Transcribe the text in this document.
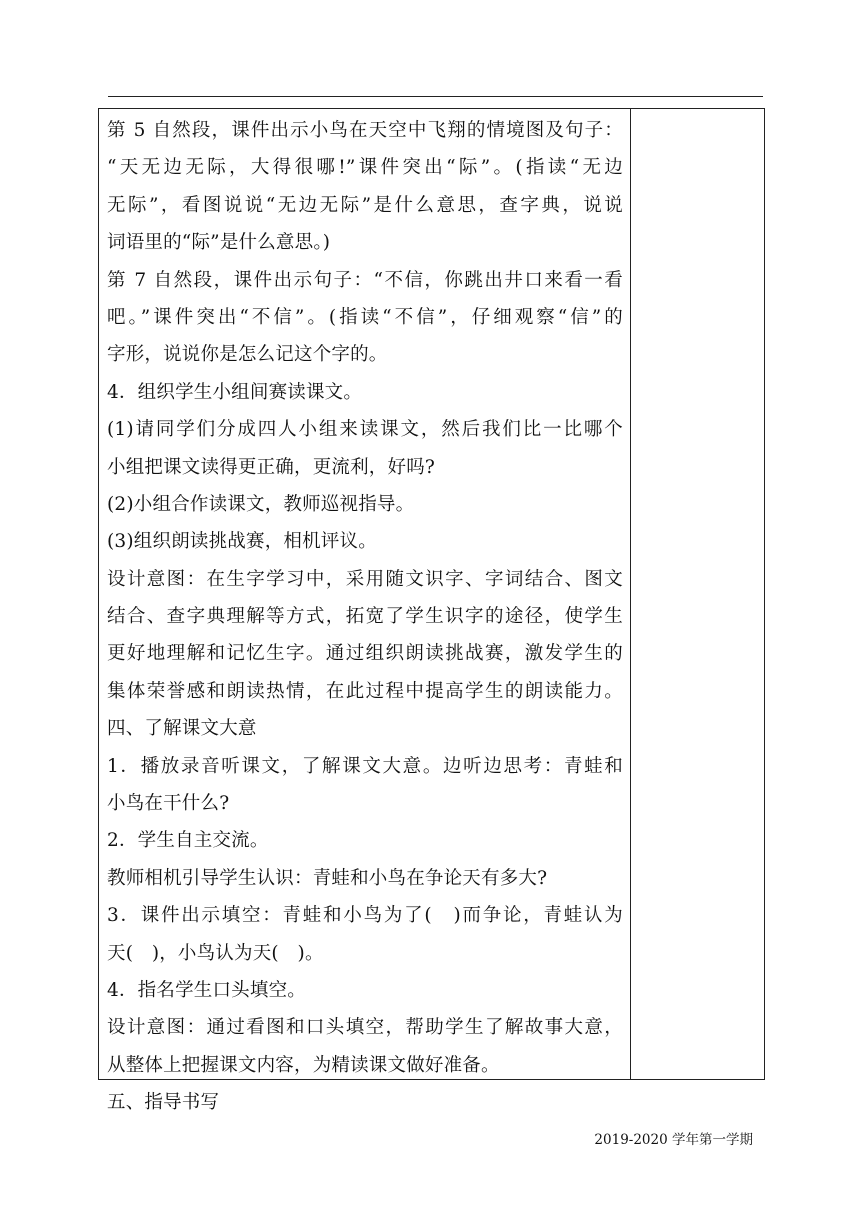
第 5 自然段，课件出示小鸟在天空中飞翔的情境图及句子：
“天无边无际，大得很哪!”课件突出“际”。(指读“无边
无际”，看图说说“无边无际”是什么意思，查字典，说说
词语里的“际”是什么意思。)
第 7 自然段，课件出示句子：“不信，你跳出井口来看一看
吧。”课件突出“不信”。(指读“不信”，仔细观察“信”的
字形，说说你是怎么记这个字的。
4．组织学生小组间赛读课文。
(1)请同学们分成四人小组来读课文，然后我们比一比哪个
小组把课文读得更正确，更流利，好吗?
(2)小组合作读课文，教师巡视指导。
(3)组织朗读挑战赛，相机评议。
设计意图：在生字学习中，采用随文识字、字词结合、图文
结合、查字典理解等方式，拓宽了学生识字的途径，使学生
更好地理解和记忆生字。通过组织朗读挑战赛，激发学生的
集体荣誉感和朗读热情，在此过程中提高学生的朗读能力。
四、了解课文大意
1．播放录音听课文，了解课文大意。边听边思考：青蛙和
小鸟在干什么?
2．学生自主交流。
教师相机引导学生认识：青蛙和小鸟在争论天有多大?
3．课件出示填空：青蛙和小鸟为了(　)而争论，青蛙认为
天(　)，小鸟认为天(　)。
4．指名学生口头填空。
设计意图：通过看图和口头填空，帮助学生了解故事大意，
从整体上把握课文内容，为精读课文做好准备。
五、指导书写
2019-2020 学年第一学期
